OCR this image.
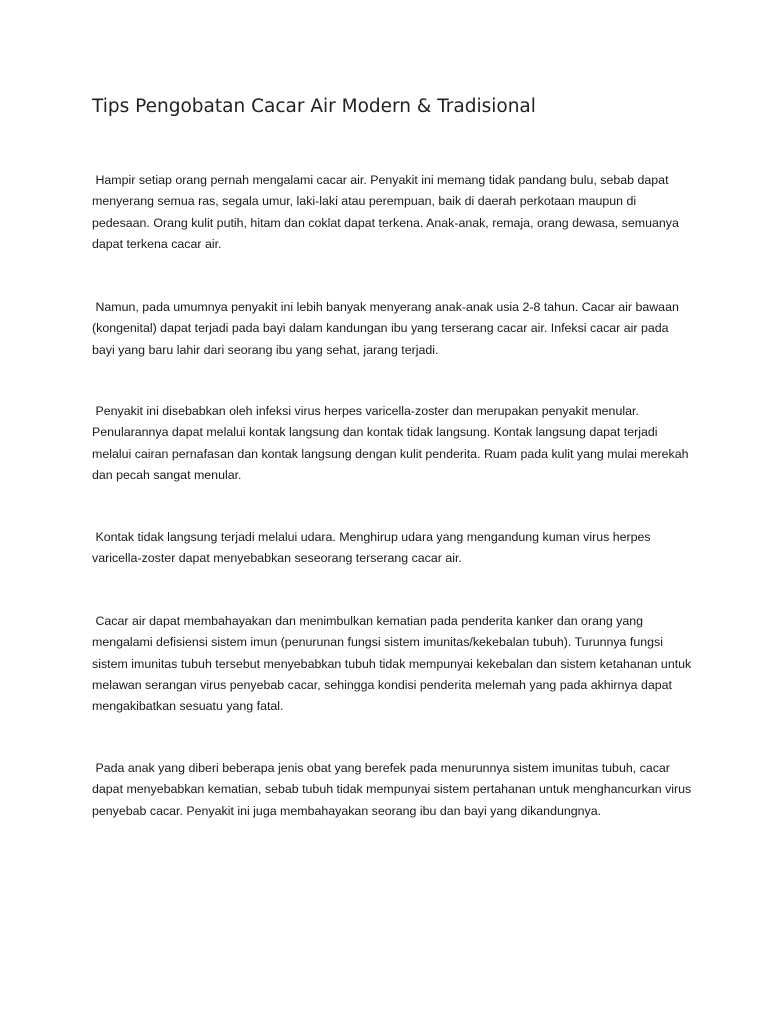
Tips Pengobatan Cacar Air Modern & Tradisional

Hampir setiap orang pernah mengalami cacar air. Penyakit ini memang tidak pandang bulu, sebab dapat menyerang semua ras, segala umur, laki-laki atau perempuan, baik di daerah perkotaan maupun di pedesaan. Orang kulit putih, hitam dan coklat dapat terkena. Anak-anak, remaja, orang dewasa, semuanya dapat terkena cacar air.

Namun, pada umumnya penyakit ini lebih banyak menyerang anak-anak usia 2-8 tahun. Cacar air bawaan (kongenital) dapat terjadi pada bayi dalam kandungan ibu yang terserang cacar air. Infeksi cacar air pada bayi yang baru lahir dari seorang ibu yang sehat, jarang terjadi.

Penyakit ini disebabkan oleh infeksi virus herpes varicella-zoster dan merupakan penyakit menular. Penularannya dapat melalui kontak langsung dan kontak tidak langsung. Kontak langsung dapat terjadi melalui cairan pernafasan dan kontak langsung dengan kulit penderita. Ruam pada kulit yang mulai merekah dan pecah sangat menular.

Kontak tidak langsung terjadi melalui udara. Menghirup udara yang mengandung kuman virus herpes varicella-zoster dapat menyebabkan seseorang terserang cacar air.

Cacar air dapat membahayakan dan menimbulkan kematian pada penderita kanker dan orang yang mengalami defisiensi sistem imun (penurunan fungsi sistem imunitas/kekebalan tubuh). Turunnya fungsi sistem imunitas tubuh tersebut menyebabkan tubuh tidak mempunyai kekebalan dan sistem ketahanan untuk melawan serangan virus penyebab cacar, sehingga kondisi penderita melemah yang pada akhirnya dapat mengakibatkan sesuatu yang fatal.

Pada anak yang diberi beberapa jenis obat yang berefek pada menurunnya sistem imunitas tubuh, cacar dapat menyebabkan kematian, sebab tubuh tidak mempunyai sistem pertahanan untuk menghancurkan virus penyebab cacar. Penyakit ini juga membahayakan seorang ibu dan bayi yang dikandungnya.
